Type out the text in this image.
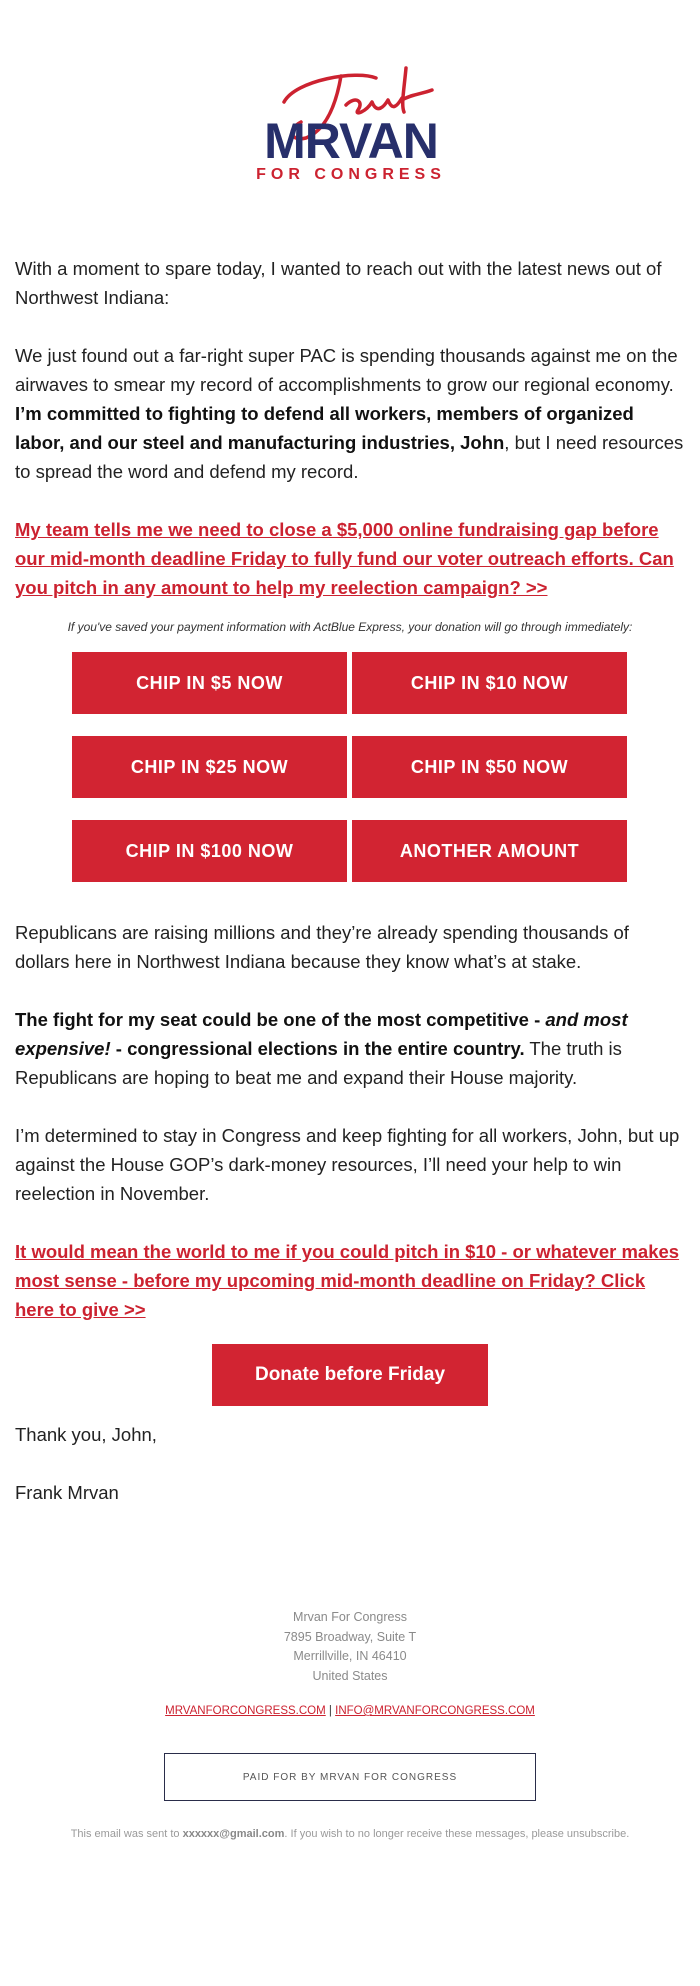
MRVAN
FOR CONGRESS

With a moment to spare today, I wanted to reach out with the latest news out of Northwest Indiana:

We just found out a far-right super PAC is spending thousands against me on the airwaves to smear my record of accomplishments to grow our regional economy. I’m committed to fighting to defend all workers, members of organized labor, and our steel and manufacturing industries, John, but I need resources to spread the word and defend my record.

My team tells me we need to close a $5,000 online fundraising gap before our mid-month deadline Friday to fully fund our voter outreach efforts. Can you pitch in any amount to help my reelection campaign? >>

If you've saved your payment information with ActBlue Express, your donation will go through immediately:
CHIP IN $5 NOW	CHIP IN $10 NOW
CHIP IN $25 NOW	CHIP IN $50 NOW
CHIP IN $100 NOW	ANOTHER AMOUNT

Republicans are raising millions and they’re already spending thousands of dollars here in Northwest Indiana because they know what’s at stake.

The fight for my seat could be one of the most competitive - and most expensive! - congressional elections in the entire country. The truth is Republicans are hoping to beat me and expand their House majority.

I’m determined to stay in Congress and keep fighting for all workers, John, but up against the House GOP’s dark-money resources, I’ll need your help to win reelection in November.

It would mean the world to me if you could pitch in $10 - or whatever makes most sense - before my upcoming mid-month deadline on Friday? Click here to give >>

Donate before Friday

Thank you, John,

Frank Mrvan

Mrvan For Congress
7895 Broadway, Suite T
Merrillville, IN 46410
United States
MRVANFORCONGRESS.COM | INFO@MRVANFORCONGRESS.COM
PAID FOR BY MRVAN FOR CONGRESS
This email was sent to xxxxxx@gmail.com. If you wish to no longer receive these messages, please unsubscribe.
